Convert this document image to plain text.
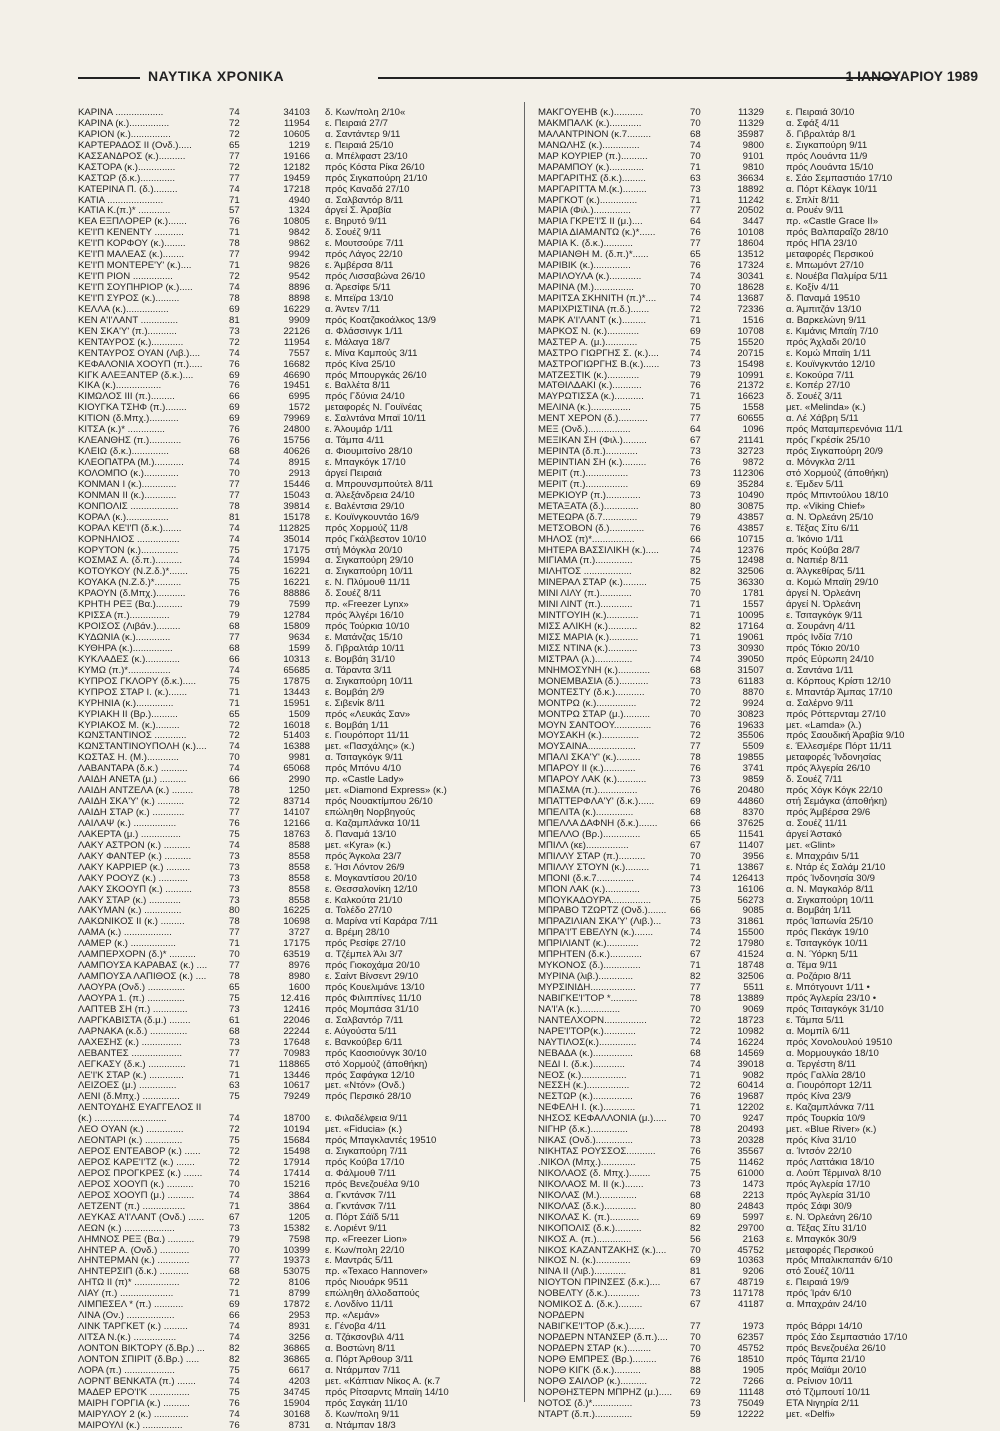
ΝΑΥΤΙΚΑ ΧΡΟΝΙΚΑ	1 ΙΑΝΟΥΑΡΙΟΥ 1989
ΚΑΡΙΝΑ ..................	74	34103 δ. Κων/πολη 2/10«
ΚΑΡΙΝΑ (κ.)...............	72	11954 ε. Πειραιά 27/7
ΚΑΡΙΟΝ (κ.)...............	72	10605 α. Σαντάντερ 9/11
ΚΑΡΤΕΡΑΔΟΣ II (Ονδ.).....	65	1219 ε. Πειραιά 25/10
ΚΑΣΣΑΝΔΡΟΣ (κ.)..........	77	19166 α. Μπέλφαστ 23/10
ΚΑΣΤΟΡΑ (κ.)..............	72	12182 πρός Κόστα Ρίκα 26/10
ΚΑΣΤΩΡ (δ.κ.).............	77	19459 πρός Σιγκαπούρη 21/10
ΚΑΤΕΡΙΝΑ Π. (δ.).........	74	17218 πρός Καναδά 27/10
ΚΑΤΙΑ .....................	71	4940 α. Σαλβαντόρ 8/11
ΚΑΤΙΑ Κ.(π.)* ............	57	1324 άργεί Σ. Άραβία
ΚΕΑ ΕΞΠΛΟΡΕΡ (κ.).......	76	10805 ε. Βηρυτό 9/11
ΚΕ'Ι'Π ΚΕΝΕΝΤΥ ...........	71	9842 δ. Σουέζ 9/11
ΚΕ'Ι'Π ΚΟΡΦΟΥ (κ.)........	78	9862 ε. Μουτσούρε 7/11
ΚΕ'Ι'Π ΜΑΛΕΑΣ (κ.)........	77	9942 πρός Λάγος 22/10
ΚΕ'Ι'Π ΜΟΝΤΕΡΕ'Υ' (κ.)....	71	9826 ε. Άμβέρσα 8/11
ΚΕ'Ι'Π ΡΙΟΝ ...............	72	9542 πρός Λισσαβώνα 26/10
ΚΕ'Ι'Π ΣΟΥΠΗΡΙΟΡ (κ.).....	74	8896 α. Άρεσίφε 5/11
ΚΕ'Ι'Π ΣΥΡΟΣ (κ.).........	78	8898 ε. Μπεϊρα 13/10
ΚΕΛΛΑ (κ.)................	69	16229 α. Άντεν 7/11
ΚΕΝ Α'Ι'ΛΑΝΤ ..............	81	9909 πρός Κοατζακοάλκος 13/9
ΚΕΝ ΣΚΑ'Υ' (π.)...........	73	22126 α. Φλάσσινγκ 1/11
ΚΕΝΤΑΥΡΟΣ (κ.)............	72	11954 ε. Μάλαγα 18/7
ΚΕΝΤΑΥΡΟΣ ΟΥΑΝ (Λιβ.)....	74	7557 ε. Μίνα Καμπούς 3/11
ΚΕΦΑΛΟΝΙΑ ΧΟΟΥΠ (π.).....	76	16682 πρός Κίνα 25/10
ΚΙΓΚ ΑΛΕΞΑΝΤΕΡ (δ.κ.)....	69	46690 πρός Μπουργκάς 26/10
ΚΙΚΑ (κ.).................	76	19451 ε. Βαλλέτα 8/11
ΚΙΜΩΛΟΣ III (π.).........	66	6995 πρός Γδύνια 24/10
ΚΙΟΥΓΚΑ ΤΣΗΦ (π.)........	69	1572 μεταφορές Ν. Γουϊνέας
ΚΙΤΙΟΝ (δ.Μπχ.)...........	69	79969 ε. Σαλντάνα Μπαϊ 10/11
ΚΙΤΣΑ (κ.)* ..............	76	24800 ε. Άλουμάρ 1/11
ΚΛΕΑΝΘΗΣ (π.)............	76	15756 α. Τάμπα 4/11
ΚΛΕΙΩ (δ.κ.)..............	68	40626 α. Φιουμιτσίνο 28/10
ΚΛΕΟΠΑΤΡΑ (Μ.)...........	74	8915 ε. Μπαγκόγκ 17/10
ΚΟΛΟΜΠΟ (κ.).............	70	2913 άργεί Πειραιά
ΚΟΝΜΑΝ Ι (κ.).............	77	15446 α. Μπρουνσμπούτελ 8/11
ΚΟΝΜΑΝ ΙΙ (κ.)............	77	15043 α. Άλεξάνδρεια 24/10
ΚΟΝΠΟΛΙΣ ..................	78	39814 ε. Βαλέντσια 29/10
ΚΟΡΑΛ (κ.)................	81	15178 ε. Κουϊνγκουντάο 16/9
ΚΟΡΑΛ ΚΕ'Ι'Π (δ.κ.).......	74	112825 πρός Χορμούζ 11/8
ΚΟΡΝΗΛΙΟΣ ................	74	35014 πρός Γκάλβεστον 10/10
ΚΟΡΥΤΟΝ (κ.)..............	75	17175 στή Μόγκλα 20/10
ΚΟΣΜΑΣ Α. (δ.π.)..........	74	15994 α. Σιγκαπούρη 29/10
ΚΟΤΟΥΚΟΥ (Ν.Ζ.δ.)*.......	75	16221 α. Σιγκαπούρη 10/11
ΚΟΥΑΚΑ (Ν.Ζ.δ.)*..........	75	16221 ε. Ν. Πλύμουθ 11/11
ΚΡΑΟΥΝ (δ.Μπχ.)...........	76	88886 δ. Σουέζ 8/11
ΚΡΗΤΗ ΡΕΞ (Βα.)..........	79	7599 πρ. «Freezer Lynx»
ΚΡΙΣΣΑ (π.)...............	79	12784 πρός Άλγέρι 16/10
ΚΡΟΙΣΟΣ (Λιβάν.).........	68	15809 πρός Τούρκια 10/10
ΚΥΔΩΝΙΑ (κ.).............	77	9634 ε. Ματάνζας 15/10
ΚΥΘΗΡΑ (κ.)...............	68	1599 δ. Γιβραλτάρ 10/11
ΚΥΚΛΑΔΕΣ (κ.).............	66	10313 ε. Βομβάη 31/10
ΚΥΜΩ (π.)*................	74	65685 α. Τάραντα 3/11
ΚΥΠΡΟΣ ΓΚΛΟΡΥ (δ.κ.).....	75	17875 α. Σιγκαπούρη 10/11
ΚΥΠΡΟΣ ΣΤΑΡ Ι. (κ.).......	71	13443 ε. Βομβάη 2/9
ΚΥΡΗΝΙΑ (κ.)..............	71	15951 ε. Σιβενίκ 8/11
ΚΥΡΙΑΚΗ ΙΙ (Βρ.)..........	65	1509 πρός «Λευκάς Σαν»
ΚΥΡΙΑΚΟΣ Μ. (κ.).........	72	16018 ε. Βομβάη 1/11
ΚΩΝΣΤΑΝΤΙΝΟΣ ............	72	51403 ε. Γιουρόπορτ 11/11
ΚΩΝΣΤΑΝΤΙΝΟΥΠΟΛΗ (κ.)....	74	16388 μετ. «Πασχάλης» (κ.)
ΚΩΣΤΑΣ Η. (Μ.)............	70	9981 α. Τσιταγκόγκ 9/11
ΛΑΒΑΝΤΑΡΑ (δ.κ.) ..........	74	65068 πρός Μπόνυ 4/10
ΛΑΙΔΗ ΑΝΕΤΑ (μ.) ..........	66	2990 πρ. «Castle Lady»
ΛΑΙΔΗ ΑΝΤΖΕΛΑ (κ.) ........	78	1250 μετ. «Diamond Express» (κ.)
ΛΑΙΔΗ ΣΚΑ'Υ' (κ.) ..........	72	83714 πρός Νουακτίμπου 26/10
ΛΑΙΔΗ ΣΤΑΡ (κ.) ............	77	14107 επώληθη Νορβηγούς
ΛΑΙΛΑΨ (κ.) ................	76	12166 α. Καζαμπλάνκα 10/11
ΛΑΚΕΡΤΑ (μ.) ...............	75	18763 δ. Παναμά 13/10
ΛΑΚΥ ΑΣΤΡΟΝ (κ.) ..........	74	8588 μετ. «Kyra» (κ.)
ΛΑΚΥ ΦΑΝΤΕΡ (κ.) ..........	73	8558 πρός Άγκολα 23/7
ΛΑΚΥ ΚΑΡΡΙΕΡ (κ.) .........	73	8558 ε. Ήσι Λόντον 26/9
ΛΑΚΥ ΡΟΟΥΖ (κ.) ...........	73	8558 ε. Μογκαντίσου 20/10
ΛΑΚΥ ΣΚΟΟΥΠ (κ.) ..........	73	8558 ε. Θεσσαλονίκη 12/10
ΛΑΚΥ ΣΤΑΡ (κ.) ............	73	8558 ε. Καλκούτα 21/10
ΛΑΚΥΜΑΝ (κ.) ..............	80	16225 α. Τολέδο 27/10
ΛΑΚΩΝΙΚΟΣ ΙΙ (κ.) .........	78	10698 α. Μαρίνα ντί Καράρα 7/11
ΛΑΜΑ (κ.) ..................	77	3727 α. Βρέμη 28/10
ΛΑΜΕΡ (κ.) .................	71	17175 πρός Ρεσίφε 27/10
ΛΑΜΠΕΡΧΟΡΝ (δ.)* ..........	70	63519 α. Τζέμπελ Άλι 3/7
ΛΑΜΠΟΥΣΑ ΚΑΡΑΒΑΣ (κ.) ....	77	8976 πρός Γιοκοχάμα 20/10
ΛΑΜΠΟΥΣΑ ΛΑΠΙΘΟΣ (κ.) ....	78	8980 ε. Σαίντ Βίνσεντ 29/10
ΛΑΟΥΡΑ (Ονδ.) ..............	65	1600 πρός Κουελιμάνε 13/10
ΛΑΟΥΡΑ 1. (π.) ..............	75	12.416 πρός Φιλιππίνες 11/10
ΛΑΠΤΕΒ ΣΗ (π.) .............	73	12416 πρός Μομπάσα 31/10
ΛΑΡΓΚΑΒΙΣΤΑ (δ.μ.) ........	61	22046 α. Σαλβαντόρ 7/11
ΛΑΡΝΑΚΑ (κ.δ.) ..............	68	22244 ε. Αύγούστα 5/11
ΛΑΧΕΣΗΣ (κ.) ...............	73	17648 ε. Βανκούβερ 6/11
ΛΕΒΑΝΤΕΣ ...................	77	70983 πρός Καοσιούνγκ 30/10
ΛΕΓΚΑΣΥ (δ.κ.) ..............	71	118865 στό Χορμούζ (άποθήκη)
ΛΕ'Ι'Κ ΣΤΑΡ (κ.) .............	71	13446 πρός Σαφάγκα 12/10
ΛΕΙΖΟΕΣ (μ.) ..............	63	10617 μετ. «Ντόν» (Ονδ.)
ΛΕΝΙ (δ.Μπχ.) ..............	75	79249 πρός Περσικό 28/10
ΛΕΝΤΟΥΔΗΣ ΕΥΑΓΓΕΛΟΣ ΙΙ
(κ.) ...........................	74	18700 ε. Φιλαδέλφεια 9/11
ΛΕΟ ΟΥΑΝ (κ.) ..............	72	10194 μετ. «Fiducia» (κ.)
ΛΕΟΝΤΑΡΙ (κ.) ..............	75	15684 πρός Μπαγκλαντές 19510
ΛΕΡΟΣ ΕΝΤΕΑΒΟΡ (κ.) ......	72	15498 α. Σιγκαπούρη 7/11
ΛΕΡΟΣ ΚΑΡΕ'Ι'ΤΖ (κ.) .......	72	17914 πρός Κούβα 17/10
ΛΕΡΟΣ ΠΡΟΓΚΡΕΣ (κ.) .......	74	17414 α. Φάλμουθ 7/11
ΛΕΡΟΣ ΧΟΟΥΠ (κ.) ..........	70	15216 πρός Βενεζουέλα 9/10
ΛΕΡΟΣ ΧΟΟΥΠ (μ.) ..........	74	3864 α. Γκντάνσκ 7/11
ΛΕΤΖΕΝΤ (π.) ................	71	3864 α. Γκντάνσκ 7/11
ΛΕΥΚΑΣ Α'Ι'ΛΑΝΤ (Ονδ.) ......	67	1205 α. Πόρτ Σάϊδ 5/11
ΛΕΩΝ (κ.) ...................	73	15382 ε. Λοριέντ 9/11
ΛΗΜΝΟΣ ΡΕΞ (Βα.) ..........	79	7598 πρ. «Freezer Lion»
ΛΗΝΤΕΡ Α. (Ονδ.) ...........	70	10399 ε. Κων/πολη 22/10
ΛΗΝΤΕΡΜΑΝ (κ.) ............	77	19373 ε. Μαντράς 5/11
ΛΗΝΤΕΡΣΙΠ (δ.κ.) ...........	68	53075 πρ. «Texaco Hannover»
ΛΗΤΩ ΙΙ (π)* .................	72	8106 πρός Νιουάρκ 9511
ΛΙΑΥ (π.) ....................	71	8799 επώληθη άλλοδαπούς
ΛΙΜΠΕΣΕΛ * (π.) ...........	69	17872 ε. Λονδίνο 11/11
ΛΙΝΑ (Ον.) ..................	66	2953 πρ. «Λεμάν»
ΛΙΝΚ ΤΑΡΓΚΕΤ (κ.) .........	74	8931 ε. Γένοβα 4/11
ΛΙΤΣΑ Ν.(κ.) ................	74	3256 α. Τζάκσονβιλ 4/11
ΛΟΝΤΟΝ ΒΙΚΤΟΡΥ (δ.Βρ.) ...	82	36865 α. Βοστώνη 8/11
ΛΟΝΤΟΝ ΣΠΙΡΙΤ (δ.Βρ.) .....	82	36865 α. Πόρτ Άρθουρ 3/11
ΛΟΡΑ (π.) ...................	75	6617 α. Ντάρμπαν 7/11
ΛΟΡΝΤ ΒΕΝΚΑΤΑ (π.) .......	74	4203 μετ. «Κάπτιαν Νίκος Α. (κ.7
ΜΑΔΕΡ ΕΡΟ'Ι'Κ ...............	75	34745 πρός Ρίτσαρντς Μπαϊη 14/10
ΜΑΙΡΗ ΓΟΡΓΙΑ (κ.) ..........	76	15904 πρός Σαγκάη 11/10
ΜΑΙΡΥΛΟΥ 2 (κ.) .............	74	30168 δ. Κων/πολη 9/11
ΜΑΙΡΟΥΛΙ (κ.) ...............	76	8731 α. Ντάμπαν 18/3
ΜΑΚΓΟΥΕΗΒ (κ.)...........	70	11329 ε. Πειραιά 30/10
ΜΑΚΜΠΑΛΚ (κ.)............	70	11329 α. Σφάξ 4/11
ΜΑΛΑΝΤΡΙΝΟΝ (κ.7.........	68	35987 δ. Γιβραλτάρ 8/1
ΜΑΝΩΛΗΣ (κ.)..............	74	9800 ε. Σιγκαπούρη 9/11
ΜΑΡ ΚΟΥΡΙΕΡ (π.)..........	70	9101 πρός Λουάντα 11/9
ΜΑΡΑΜΠΟΥ (κ.).............	71	9810 πρός Λουάντα 15/10
ΜΑΡΓΑΡΙΤΗΣ (δ.κ.).........	63	36634 ε. Σάο Σεμπαστιάο 17/10
ΜΑΡΓΑΡΙΤΤΑ Μ.(κ.).........	73	18892 α. Πόρτ Κέλαγκ 10/11
ΜΑΡΓΚΟΤ (κ.)..............	71	11242 ε. Σπλίτ 8/11
ΜΑΡΙΑ (Φιλ.)..............	77	20502 α. Ρουέν 9/11
ΜΑΡΙΑ ΓΚΡΕ'Ι'Σ II (μ.)....	64	3447 πρ. «Castle Grace II»
ΜΑΡΙΑ ΔΙΑΜΑΝΤΩ (κ.)*......	76	10108 πρός Βαλπαραΐζο 28/10
ΜΑΡΙΑ Κ. (δ.κ.)...........	77	18604 πρός ΗΠΑ 23/10
ΜΑΡΙΑΝΘΗ Μ. (δ.π.)*......	65	13512 μεταφορές Περσικού
ΜΑΡΙΒΙΚ (κ.)..............	76	17324 ε. Μπωμόντ 27/10
ΜΑΡΙΛΟΥΛΑ (κ.)............	74	30341 ε. Νουέβα Παλμίρα 5/11
ΜΑΡΙΝΑ (Μ.)...............	70	18628 ε. Κοξίν 4/11
ΜΑΡΙΤΣΑ ΣΚΗΝΙΤΗ (π.)*....	74	13687 δ. Παναμά 19510
ΜΑΡΙΧΡΙΣΤΙΝΑ (π.δ.).......	72	72336 α. Άμπιτζάν 13/10
ΜΑΡΚ Α'Ι'ΛΑΝΤ (κ.).........	71	1516 α. Βαρκελώνη 9/11
ΜΑΡΚΟΣ Ν. (κ.)............	69	10708 ε. Κιμάνις Μπαϊη 7/10
ΜΑΣΤΕΡ Α. (μ.)............	75	15520 πρός Άχλαδι 20/10
ΜΑΣΤΡΟ ΓΙΩΡΓΗΣ Σ. (κ.)....	74	20715 ε. Κομώ Μπαϊη 1/11
ΜΑΣΤΡΟΓΙΩΡΓΗΣ Β.(κ.)......	73	15498 ε. Κουϊνγκντάο 12/10
ΜΑΤΖΕΣΤΙΚ (κ.)............	79	10991 ε. Κοκούρα 7/11
ΜΑΤΘΙΛΔΑΚΙ (κ.)...........	76	21372 ε. Κοπέρ 27/10
ΜΑΥΡΩΤΙΣΣΑ (κ.)...........	71	16623 δ. Σουέζ 3/11
ΜΕΛΙΝΑ (κ.)...............	75	1558 μετ. «Melinda» (κ.)
ΜΕΝΤ ΧΕΡΟΝ (δ.)...........	77	60655 α. Λέ Χάβρη 5/11
ΜΕΞ (Ονδ.)................	64	1096 πρός Ματαμπερενόνια 11/1
ΜΕΞΙΚΑΝ ΣΗ (Φιλ.).........	67	21141 πρός Γκρέσίκ 25/10
ΜΕΡΙΝΤΑ (δ.π.)............	73	32723 πρός Σιγκαπούρη 20/9
ΜΕΡΙΝΤΙΑΝ ΣΗ (κ.).........	76	9872 α. Μόνγκλα 2/11
ΜΕΡΙΤ (π.)................	73	112306 στό Χορμούζ (άποθήκη)
ΜΕΡΙΤ (π.)................	69	35284 ε. Έμδεν 5/11
ΜΕΡΚΙΟΥΡ (π.).............	73	10490 πρός Μπιντούλου 18/10
ΜΕΤΑΞΑΤΑ (δ.).............	80	30875 πρ. «Viking Chief»
ΜΕΤΕΩΡΑ (δ.7.............	79	43857 α. Ν. Όρλεάνη 25/10
ΜΕΤΣΟΒΟΝ (δ.).............	76	43857 ε. Τέξας Σίτυ 6/11
ΜΗΛΟΣ (π)*................	66	10715 α. Ίκόνιο 1/11
ΜΗΤΕΡΑ ΒΑΣΣΙΛΙΚΗ (κ.).....	74	12376 πρός Κούβα 28/7
ΜΙΓΙΑΜΑ (π.)..............	75	12498 α. Ναπιέρ 8/11
ΜΙΛΗΤΟΣ ..................	82	32506 α. Άλγκεθίρας 5/11
ΜΙΝΕΡΑΛ ΣΤΑΡ (κ.).........	75	36330 α. Κομώ Μπαϊη 29/10
ΜΙΝΙ ΛΙΛΥ (π.)............	70	1781 άργεί Ν. Όρλεάνη
ΜΙΝΙ ΛΙΝΤ (π.)............	71	1557 άργεί Ν. Όρλεάνη
ΜΙΝΤΓΟΥΙΗ (κ.)............	71	10095 ε. Τσιταγκόγκ 9/11
ΜΙΣΣ ΑΛΙΚΗ (κ.)...........	82	17164 α. Σουράνη 4/11
ΜΙΣΣ ΜΑΡΙΑ (κ.)...........	71	19061 πρός Ινδία 7/10
ΜΙΣΣ ΝΤΙΝΑ (κ.)...........	73	30930 πρός Τόκιο 20/10
ΜΙΣΤΡΑΛ (λ.)..............	74	39050 πρός Εύρωπη 24/10
ΜΝΗΜΟΣΥΝΗ (κ.)............	68	31507 α. Σαντάνα 1/11
ΜΟΝΕΜΒΑΣΙΑ (δ.)...........	73	61183 α. Κόρπους Κρίστι 12/10
ΜΟΝΤΕΣΤΥ (δ.κ.)...........	70	8870 ε. Μπαντάρ Άμπας 17/10
ΜΟΝΤΡΩ (κ.)...............	72	9924 α. Σαλέρνο 9/11
ΜΟΝΤΡΩ ΣΤΑΡ (μ.)..........	70	30823 πρός Ρόττερνταμ 27/10
ΜΟΥΝ ΣΑΝΤΟΟΥ..............	76	19633 μετ. «Lamda» (λ.)
ΜΟΥΣΑΚΗ (κ.)..............	72	35506 πρός Σαουδική Άραβία 9/10
ΜΟΥΣΑΙΝΑ..................	77	5509 ε. Έλλεσμέρε Πόρτ 11/11
ΜΠΑΛΙ ΣΚΑ'Υ' (κ.).........	78	19855 μεταφορές Ίνδονησίας
ΜΠΑΡΟΥ ΙΙ (κ.)............	76	3741 πρός Άλγερία 26/10
ΜΠΑΡΟΥ ΛΑΚ (κ.)...........	73	9859 δ. Σουέζ 7/11
ΜΠΑΣΜΑ (π.)...............	76	20480 πρός Χόγκ Κόγκ 22/10
ΜΠΑΤΤΕΡΦΛΑ'Υ' (δ.κ.)......	69	44860 στή Σεμάγκα (άποθήκη)
ΜΠΕΛΙΤΑ (κ.)..............	68	8370 πρός Άμβέρσα 29/6
ΜΠΕΛΛΑ ΔΑΦΝΗ (δ.κ.).......	66	37625 α. Σουέζ 11/11
ΜΠΕΛΛΟ (Βρ.)..............	65	11541 άργεί Άστακό
ΜΠΙΛΛ (κε)................	67	11407 μετ. «Glint»
ΜΠΙΛΛΥ ΣΤΑΡ (π.)..........	70	3956 ε. Μπαχράιν 5/11
ΜΠΙΛΛΥ ΣΤΟΥΝ (κ.).........	71	13867 ε. Ντάρ ές Σαλάμ 21/10
ΜΠΟΝΙ (δ.κ.7..............	74	126413 πρός Ίνδονησία 30/9
ΜΠΟΝ ΛΑΚ (κ.).............	73	16106 α. Ν. Μαγκαλόρ 8/11
ΜΠΟΥΚΑΔΟΥΡΑ...............	75	56273 α. Σιγκαπούρη 10/11
ΜΠΡΑΒΟ ΤΖΩΡΤΖ (Ονδ.).......	66	9085 α. Βομβάη 1/11
ΜΠΡΑΖΙΛΙΑΝ ΣΚΑ'Υ' (Λιβ.)...	73	31861 πρός Ίαπωνία 25/10
ΜΠΡΑ'Ι'Τ ΕΒΕΛΥΝ (κ.).......	74	15500 πρός Πεκάγκ 19/10
ΜΠΡΙΛΙΑΝΤ (κ.)............	72	17980 ε. Τσιταγκόγκ 10/11
ΜΠΡΗΤΕΝ (δ.κ.)............	67	41524 α. Ν. Ύόρκη 5/11
ΜΥΚΟΝΟΣ (δ.)..............	71	18748 α. Τέμα 9/11
ΜΥΡΙΝΑ (λιβ.).............	82	32506 α. Ροζάριο 8/11
ΜΥΡΣΙΝΙΔΗ.................	77	5511 ε. Μπότγουντ 1/11 •
ΝΑΒΙΓΚΕ'Ι'ΤΟΡ *..........	78	13889 πρός Άγλερία 23/10 •
ΝΑ'Ι'Α (κ.)...............	70	9069 πρός Τσιταγκόγκ 31/10
ΝΑΝΤΕΛΧΟΡΝ................	72	18723 ε. Τάμπα 5/11
ΝΑΡΕ'Ι'ΤΟΡ(κ.)............	72	10982 α. Μομπίλ 6/11
ΝΑΥΤΙΛΟΣ(κ.)..............	74	16224 πρός Χονολουλού 19510
ΝΕΒΑΔΑ (κ.)...............	68	14569 α. Μορμουγκάο 18/10
ΝΕΔΙ Ι. (δ.κ.)............	74	39018 α. Τεργέστη 8/11
ΝΕΟΣ (κ.).................	71	9082 πρός Γαλλία 28/10
ΝΕΣΣΗ (κ.)................	72	60414 α. Γιουρόπορτ 12/11
ΝΕΣΤΩΡ (κ.)...............	76	19687 πρός Κίνα 23/9
ΝΕΦΕΛΗ Ι. (κ.)............	71	12202 ε. Καζαμπλάνκα 7/11
ΝΗΣΟΣ ΚΕΦΑΛΛΟΝΙΑ (μ.).....	70	9247 πρός Τουρκία 10/9
ΝΙΓΗΡ (δ.κ.)..............	78	20493 μετ. «Blue River» (κ.)
ΝΙΚΑΣ (Ονδ.)..............	73	20328 πρός Κίνα 31/10
ΝΙΚΗΤΑΣ ΡΟΥΣΣΟΣ...........	76	35567 α. Ίντσόν 22/10
.ΝΙΚΟΛ (Μπχ.).............	75	11462 πρός Λαττάκια 18/10
ΝΙΚΟΛΑΟΣ (δ. Μπχ.)........	75	61000 α. Λούπ Τέρμιναλ 8/10
ΝΙΚΟΛΑΟΣ Μ. ΙΙ (κ.).......	73	1473 πρός Άγλερία 17/10
ΝΙΚΟΛΑΣ (Μ.)..............	68	2213 πρός Άγλερία 31/10
ΝΙΚΟΛΑΣ (δ.κ.)............	80	24843 πρός Σάφι 30/9
ΝΙΚΟΛΑΣ Κ. (π.)...........	69	5997 ε. Ν. Όρλεάνη 26/10
ΝΙΚΟΠΟΛΙΣ (δ.κ.)..........	82	29700 α. Τέξας Σίτυ 31/10
ΝΙΚΟΣ Α. (π.).............	56	2163 ε. Μπαγκόκ 30/9
ΝΙΚΟΣ ΚΑΖΑΝΤΖΑΚΗΣ (κ.)....	70	45752 μεταφορές Περσικού
ΝΙΚΟΣ Ν. (κ.).............	69	10363 πρός Μπαλικπαπάν 6/10
ΝΙΝΑ ΙΙ (Λιβ.)............	81	9206 στό Σουέζ 10/11
ΝΙΟΥΤΟΝ ΠΡΙΝΣΕΣ (δ.κ.)....	67	48719 ε. Πειραιά 19/9
ΝΟΒΕΛΤΥ (δ.κ.)............	73	117178 πρός Ίράν 6/10
ΝΟΜΙΚΟΣ Δ. (δ.κ.).........	67	41187 α. Μπαχράιν 24/10
ΝΟΡΔΕΡΝ
ΝΑΒΙΓΚΕ'Ι'ΤΟΡ (δ.κ.)......	77	1973 πρός Βάρρι 14/10
ΝΟΡΔΕΡΝ ΝΤΑΝΣΕΡ (δ.π.)....	70	62357 πρός Σάο Σεμπαστιάο 17/10
ΝΟΡΔΕΡΝ ΣΤΑΡ (κ.).........	70	45752 πρός Βενεζουέλα 26/10
ΝΟΡΘ ΕΜΠΡΕΣ (Βρ.).........	76	18510 πρός Τάμπα 21/10
ΝΟΡΘ ΚΙΓΚ (δ.κ.)..........	88	1905 πρός Μαϊάμι 20/10
ΝΟΡΘ ΣΑΙΛΟΡ (κ.)..........	72	7266 α. Ρείνιον 10/11
ΝΟΡΘΗΣΤΕΡΝ ΜΠΡΗΖ (μ.).....	69	11148 στό Τζιμπουτί 10/11
ΝΟΤΟΣ (δ.)*...............	73	75049 ΕΤΑ Νιγηρία 2/11
ΝΤΑΡΤ (δ.π.)..............	59	12222 μετ. «Delfi»
